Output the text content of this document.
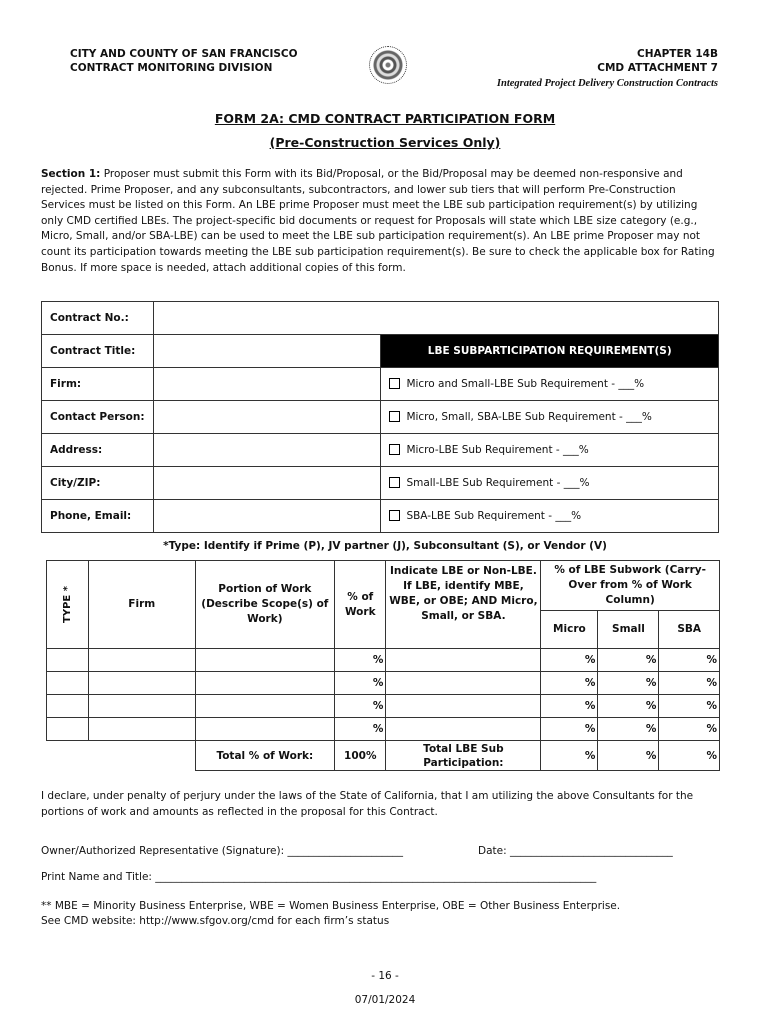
CITY AND COUNTY OF SAN FRANCISCO
CONTRACT MONITORING DIVISION
CHAPTER 14B
CMD ATTACHMENT 7
Integrated Project Delivery Construction Contracts
FORM 2A: CMD CONTRACT PARTICIPATION FORM
(Pre-Construction Services Only)
Section 1: Proposer must submit this Form with its Bid/Proposal, or the Bid/Proposal may be deemed non-responsive and rejected. Prime Proposer, and any subconsultants, subcontractors, and lower sub tiers that will perform Pre-Construction Services must be listed on this Form. An LBE prime Proposer must meet the LBE sub participation requirement(s) by utilizing only CMD certified LBEs. The project-specific bid documents or request for Proposals will state which LBE size category (e.g., Micro, Small, and/or SBA-LBE) can be used to meet the LBE sub participation requirement(s). An LBE prime Proposer may not count its participation towards meeting the LBE sub participation requirement(s). Be sure to check the applicable box for Rating Bonus. If more space is needed, attach additional copies of this form.
Contract No.:		
Contract Title:		LBE SUBPARTICIPATION REQUIREMENT(S)
Firm:		Micro and Small-LBE Sub Requirement - ___%
Contact Person:		Micro, Small, SBA-LBE Sub Requirement - ___%
Address:		Micro-LBE Sub Requirement - ___%
City/ZIP:		Small-LBE Sub Requirement - ___%
Phone, Email:		SBA-LBE Sub Requirement - ___%
*Type: Identify if Prime (P), JV partner (J), Subconsultant (S), or Vendor (V)
TYPE *	Firm	Portion of Work (Describe Scope(s) of Work)	% of Work	Indicate LBE or Non-LBE. If LBE, identify MBE, WBE, or OBE; AND Micro, Small, or SBA.	% of LBE Subwork (Carry-Over from % of Work Column)		
					Micro	Small	SBA
			%		%	%	%
			%		%	%	%
			%		%	%	%
			%		%	%	%
		Total % of Work:	100%	Total LBE Sub Participation:	%	%	%
I declare, under penalty of perjury under the laws of the State of California, that I am utilizing the above Consultants for the portions of work and amounts as reflected in the proposal for this Contract.
Owner/Authorized Representative (Signature): ______________________	Date: _______________________________
Print Name and Title: ____________________________________________________________________________________
** MBE = Minority Business Enterprise, WBE = Women Business Enterprise, OBE = Other Business Enterprise.
See CMD website: http://www.sfgov.org/cmd for each firm’s status
- 16 -
07/01/2024
